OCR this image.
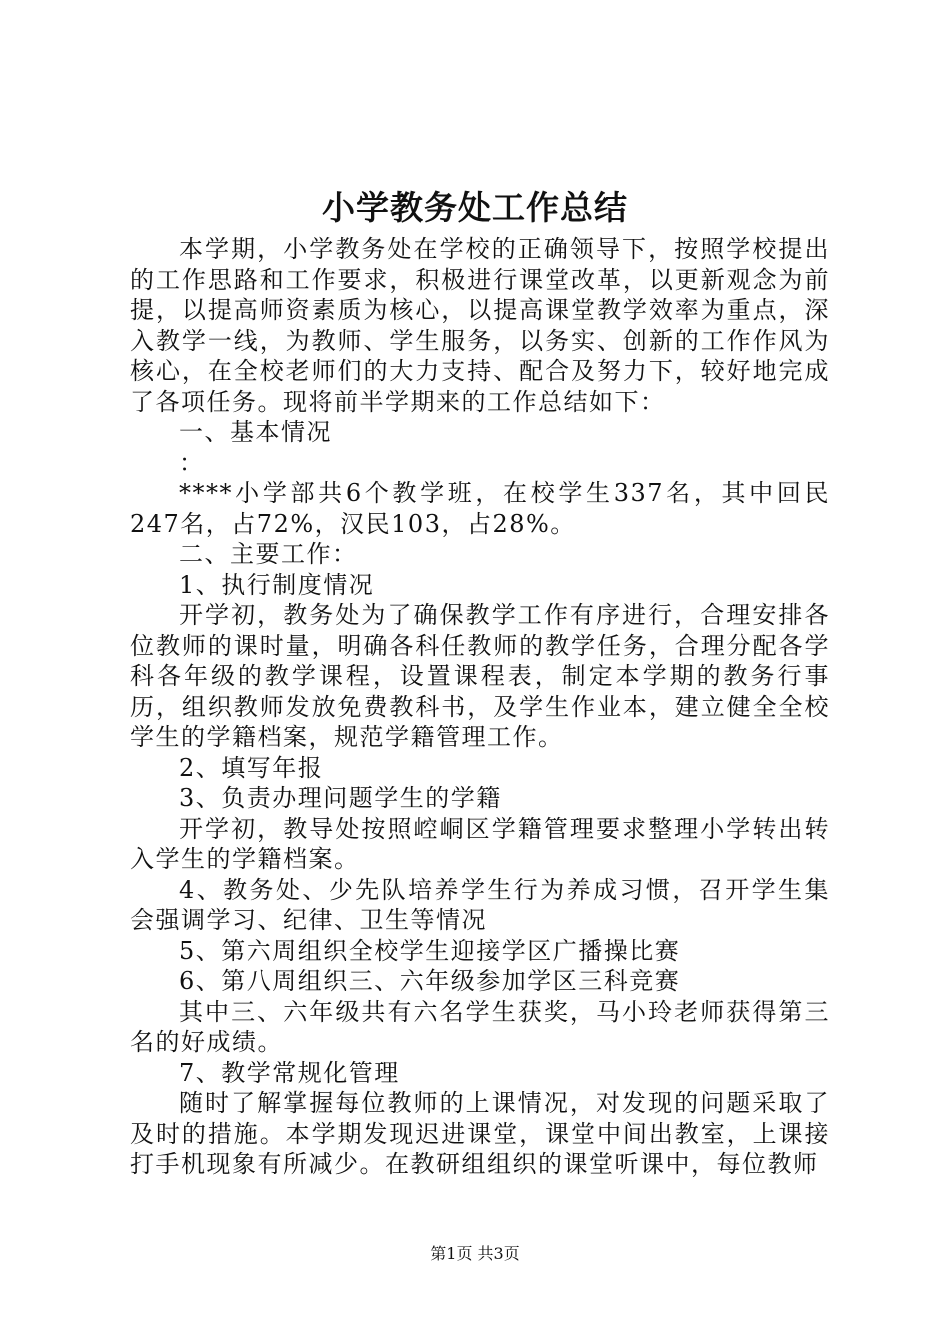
小学教务处工作总结

本学期，小学教务处在学校的正确领导下，按照学校提出的工作思路和工作要求，积极进行课堂改革，以更新观念为前提，以提高师资素质为核心，以提高课堂教学效率为重点，深入教学一线，为教师、学生服务，以务实、创新的工作作风为核心，在全校老师们的大力支持、配合及努力下，较好地完成了各项任务。现将前半学期来的工作总结如下：

一、基本情况

：

****小学部共6个教学班，在校学生337名，其中回民247名，占72%，汉民103，占28%。

二、主要工作：

1、执行制度情况

开学初，教务处为了确保教学工作有序进行，合理安排各位教师的课时量，明确各科任教师的教学任务，合理分配各学科各年级的教学课程，设置课程表，制定本学期的教务行事历，组织教师发放免费教科书，及学生作业本，建立健全全校学生的学籍档案，规范学籍管理工作。

2、填写年报

3、负责办理问题学生的学籍

开学初，教导处按照崆峒区学籍管理要求整理小学转出转入学生的学籍档案。

4、教务处、少先队培养学生行为养成习惯，召开学生集会强调学习、纪律、卫生等情况

5、第六周组织全校学生迎接学区广播操比赛

6、第八周组织三、六年级参加学区三科竞赛

其中三、六年级共有六名学生获奖，马小玲老师获得第三名的好成绩。

7、教学常规化管理

随时了解掌握每位教师的上课情况，对发现的问题采取了及时的措施。本学期发现迟进课堂，课堂中间出教室，上课接打手机现象有所减少。在教研组组织的课堂听课中，每位教师

第1页 共3页
